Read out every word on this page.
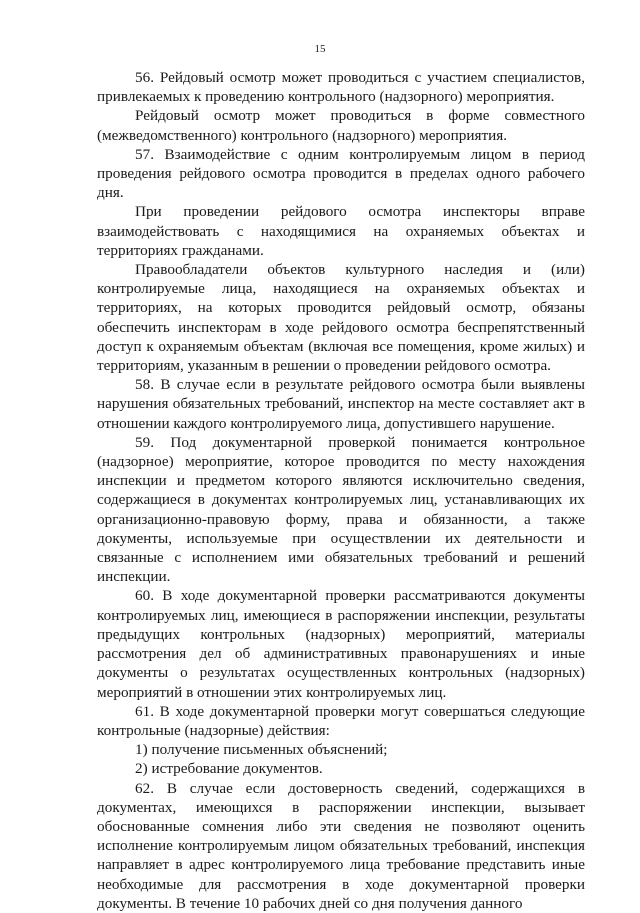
15

56. Рейдовый осмотр может проводиться с участием специалистов, привлекаемых к проведению контрольного (надзорного) мероприятия.

Рейдовый осмотр может проводиться в форме совместного (межведомственного) контрольного (надзорного) мероприятия.

57. Взаимодействие с одним контролируемым лицом в период проведения рейдового осмотра проводится в пределах одного рабочего дня.

При проведении рейдового осмотра инспекторы вправе взаимодействовать с находящимися на охраняемых объектах и территориях гражданами.

Правообладатели объектов культурного наследия и (или) контролируемые лица, находящиеся на охраняемых объектах и территориях, на которых проводится рейдовый осмотр, обязаны обеспечить инспекторам в ходе рейдового осмотра беспрепятственный доступ к охраняемым объектам (включая все помещения, кроме жилых) и территориям, указанным в решении о проведении рейдового осмотра.

58. В случае если в результате рейдового осмотра были выявлены нарушения обязательных требований, инспектор на месте составляет акт в отношении каждого контролируемого лица, допустившего нарушение.

59. Под документарной проверкой понимается контрольное (надзорное) мероприятие, которое проводится по месту нахождения инспекции и предметом которого являются исключительно сведения, содержащиеся в документах контролируемых лиц, устанавливающих их организационно-правовую форму, права и обязанности, а также документы, используемые при осуществлении их деятельности и связанные с исполнением ими обязательных требований и решений инспекции.

60. В ходе документарной проверки рассматриваются документы контролируемых лиц, имеющиеся в распоряжении инспекции, результаты предыдущих контрольных (надзорных) мероприятий, материалы рассмотрения дел об административных правонарушениях и иные документы о результатах осуществленных контрольных (надзорных) мероприятий в отношении этих контролируемых лиц.

61. В ходе документарной проверки могут совершаться следующие контрольные (надзорные) действия:

1) получение письменных объяснений;

2) истребование документов.

62. В случае если достоверность сведений, содержащихся в документах, имеющихся в распоряжении инспекции, вызывает обоснованные сомнения либо эти сведения не позволяют оценить исполнение контролируемым лицом обязательных требований, инспекция направляет в адрес контролируемого лица требование представить иные необходимые для рассмотрения в ходе документарной проверки документы. В течение 10 рабочих дней со дня получения данного
